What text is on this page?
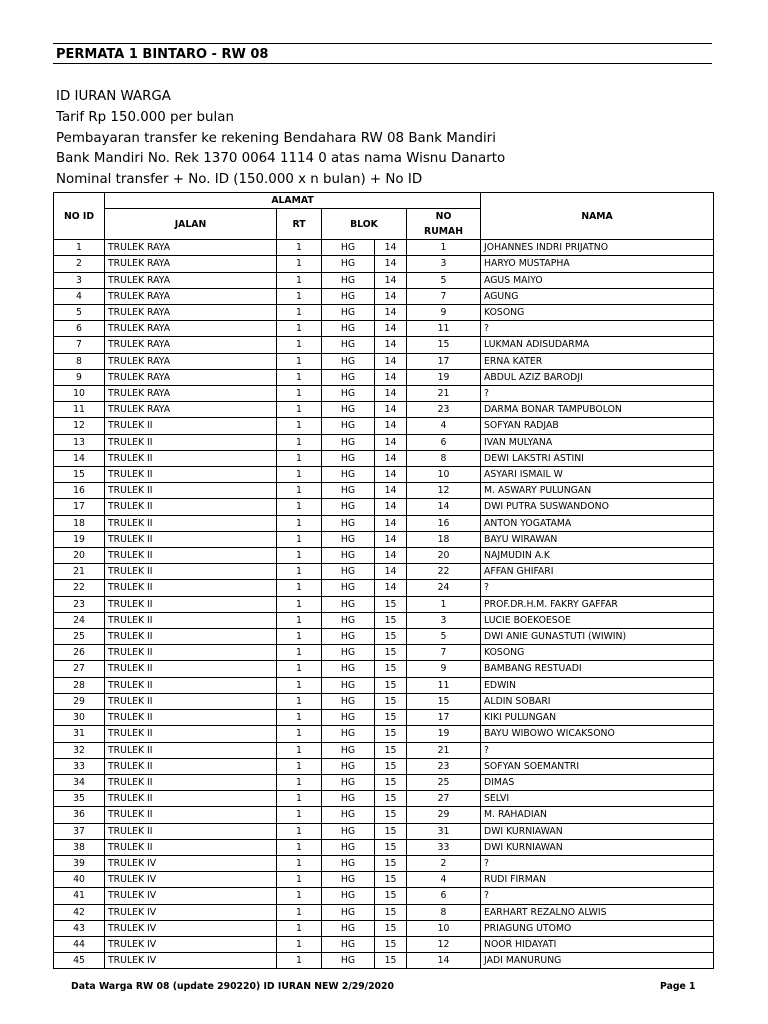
PERMATA 1 BINTARO - RW 08
ID IURAN WARGA
Tarif Rp 150.000 per bulan
Pembayaran transfer ke rekening Bendahara RW 08 Bank Mandiri
Bank Mandiri No. Rek 1370 0064 1114 0 atas nama Wisnu Danarto
Nominal transfer + No. ID (150.000 x n bulan) + No ID
NO ID	ALAMAT					NAMA
	JALAN	RT	BLOK		NO RUMAH	
1	TRULEK RAYA	1	HG	14	1	JOHANNES INDRI PRIJATNO
2	TRULEK RAYA	1	HG	14	3	HARYO MUSTAPHA
3	TRULEK RAYA	1	HG	14	5	AGUS MAIYO
4	TRULEK RAYA	1	HG	14	7	AGUNG
5	TRULEK RAYA	1	HG	14	9	KOSONG
6	TRULEK RAYA	1	HG	14	11	?
7	TRULEK RAYA	1	HG	14	15	LUKMAN ADISUDARMA
8	TRULEK RAYA	1	HG	14	17	ERNA KATER
9	TRULEK RAYA	1	HG	14	19	ABDUL AZIZ BARODJI
10	TRULEK RAYA	1	HG	14	21	?
11	TRULEK RAYA	1	HG	14	23	DARMA BONAR TAMPUBOLON
12	TRULEK II	1	HG	14	4	SOFYAN RADJAB
13	TRULEK II	1	HG	14	6	IVAN MULYANA
14	TRULEK II	1	HG	14	8	DEWI LAKSTRI ASTINI
15	TRULEK II	1	HG	14	10	ASYARI ISMAIL W
16	TRULEK II	1	HG	14	12	M. ASWARY PULUNGAN
17	TRULEK II	1	HG	14	14	DWI PUTRA SUSWANDONO
18	TRULEK II	1	HG	14	16	ANTON YOGATAMA
19	TRULEK II	1	HG	14	18	BAYU WIRAWAN
20	TRULEK II	1	HG	14	20	NAJMUDIN A.K
21	TRULEK II	1	HG	14	22	AFFAN GHIFARI
22	TRULEK II	1	HG	14	24	?
23	TRULEK II	1	HG	15	1	PROF.DR.H.M. FAKRY GAFFAR
24	TRULEK II	1	HG	15	3	LUCIE BOEKOESOE
25	TRULEK II	1	HG	15	5	DWI ANIE GUNASTUTI (WIWIN)
26	TRULEK II	1	HG	15	7	KOSONG
27	TRULEK II	1	HG	15	9	BAMBANG RESTUADI
28	TRULEK II	1	HG	15	11	EDWIN
29	TRULEK II	1	HG	15	15	ALDIN SOBARI
30	TRULEK II	1	HG	15	17	KIKI PULUNGAN
31	TRULEK II	1	HG	15	19	BAYU WIBOWO WICAKSONO
32	TRULEK II	1	HG	15	21	?
33	TRULEK II	1	HG	15	23	SOFYAN SOEMANTRI
34	TRULEK II	1	HG	15	25	DIMAS
35	TRULEK II	1	HG	15	27	SELVI
36	TRULEK II	1	HG	15	29	M. RAHADIAN
37	TRULEK II	1	HG	15	31	DWI KURNIAWAN
38	TRULEK II	1	HG	15	33	DWI KURNIAWAN
39	TRULEK IV	1	HG	15	2	?
40	TRULEK IV	1	HG	15	4	RUDI FIRMAN
41	TRULEK IV	1	HG	15	6	?
42	TRULEK IV	1	HG	15	8	EARHART REZALNO ALWIS
43	TRULEK IV	1	HG	15	10	PRIAGUNG UTOMO
44	TRULEK IV	1	HG	15	12	NOOR HIDAYATI
45	TRULEK IV	1	HG	15	14	JADI MANURUNG
Data Warga RW 08 (update 290220) ID IURAN NEW 2/29/2020	Page 1
